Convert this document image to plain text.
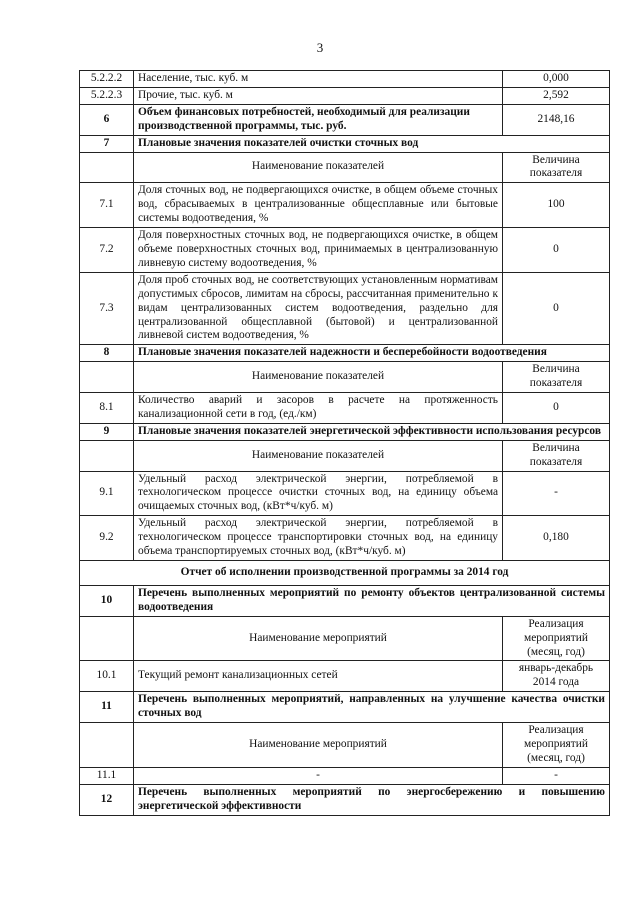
3
5.2.2.2	Население, тыс. куб. м	0,000
5.2.2.3	Прочие, тыс. куб. м	2,592
6	Объем финансовых потребностей, необходимый для реализации производственной программы, тыс. руб.	2148,16
7	Плановые значения показателей очистки сточных вод	
	Наименование показателей	Величина показателя
7.1	Доля сточных вод, не подвергающихся очистке, в общем объеме сточных вод, сбрасываемых в централизованные общесплавные или бытовые системы водоотведения, %	100
7.2	Доля поверхностных сточных вод, не подвергающихся очистке, в общем объеме поверхностных сточных вод, принимаемых в централизованную ливневую систему водоотведения, %	0
7.3	Доля проб сточных вод, не соответствующих установленным нормативам допустимых сбросов, лимитам на сбросы, рассчитанная применительно к видам централизованных систем водоотведения, раздельно для централизованной общесплавной (бытовой) и централизованной ливневой систем водоотведения, %	0
8	Плановые значения показателей надежности и бесперебойности водоотведения	
	Наименование показателей	Величина показателя
8.1	Количество аварий и засоров в расчете на протяженность канализационной сети в год, (ед./км)	0
9	Плановые значения показателей энергетической эффективности использования ресурсов	
	Наименование показателей	Величина показателя
9.1	Удельный расход электрической энергии, потребляемой в технологическом процессе очистки сточных вод, на единицу объема очищаемых сточных вод, (кВт*ч/куб. м)	-
9.2	Удельный расход электрической энергии, потребляемой в технологическом процессе транспортировки сточных вод, на единицу объема транспортируемых сточных вод, (кВт*ч/куб. м)	0,180
Отчет об исполнении производственной программы за 2014 год		
10	Перечень выполненных мероприятий по ремонту объектов централизованной системы водоотведения	
	Наименование мероприятий	Реализация мероприятий (месяц, год)
10.1	Текущий ремонт канализационных сетей	январь-декабрь 2014 года
11	Перечень выполненных мероприятий, направленных на улучшение качества очистки сточных вод	
	Наименование мероприятий	Реализация мероприятий (месяц, год)
11.1	-	-
12	Перечень выполненных мероприятий по энергосбережению и повышению энергетической эффективности	
